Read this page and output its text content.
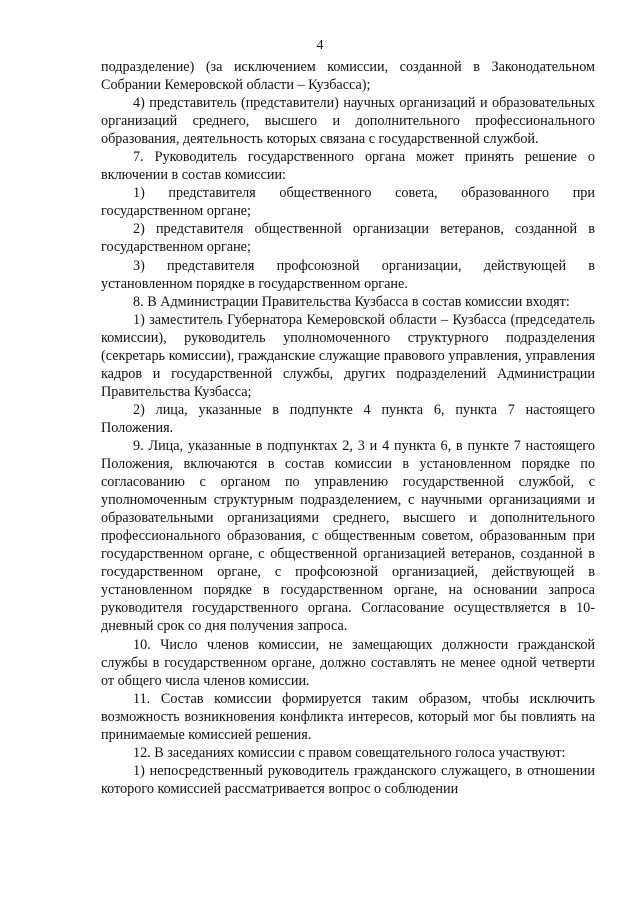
4

подразделение) (за исключением комиссии, созданной в Законодательном Собрании Кемеровской области – Кузбасса);

4) представитель (представители) научных организаций и образовательных организаций среднего, высшего и дополнительного профессионального образования, деятельность которых связана с государственной службой.

7. Руководитель государственного органа может принять решение о включении в состав комиссии:

1) представителя общественного совета, образованного при государственном органе;

2) представителя общественной организации ветеранов, созданной в государственном органе;

3) представителя профсоюзной организации, действующей в установленном порядке в государственном органе.

8. В Администрации Правительства Кузбасса в состав комиссии входят:

1) заместитель Губернатора Кемеровской области – Кузбасса (председатель комиссии), руководитель уполномоченного структурного подразделения (секретарь комиссии), гражданские служащие правового управления, управления кадров и государственной службы, других подразделений Администрации Правительства Кузбасса;

2) лица, указанные в подпункте 4 пункта 6, пункта 7 настоящего Положения.

9. Лица, указанные в подпунктах 2, 3 и 4 пункта 6, в пункте 7 настоящего Положения, включаются в состав комиссии в установленном порядке по согласованию с органом по управлению государственной службой, с уполномоченным структурным подразделением, с научными организациями и образовательными организациями среднего, высшего и дополнительного профессионального образования, с общественным советом, образованным при государственном органе, с общественной организацией ветеранов, созданной в государственном органе, с профсоюзной организацией, действующей в установленном порядке в государственном органе, на основании запроса руководителя государственного органа. Согласование осуществляется в 10-дневный срок со дня получения запроса.

10. Число членов комиссии, не замещающих должности гражданской службы в государственном органе, должно составлять не менее одной четверти от общего числа членов комиссии.

11. Состав комиссии формируется таким образом, чтобы исключить возможность возникновения конфликта интересов, который мог бы повлиять на принимаемые комиссией решения.

12. В заседаниях комиссии с правом совещательного голоса участвуют:

1) непосредственный руководитель гражданского служащего, в отношении которого комиссией рассматривается вопрос о соблюдении
